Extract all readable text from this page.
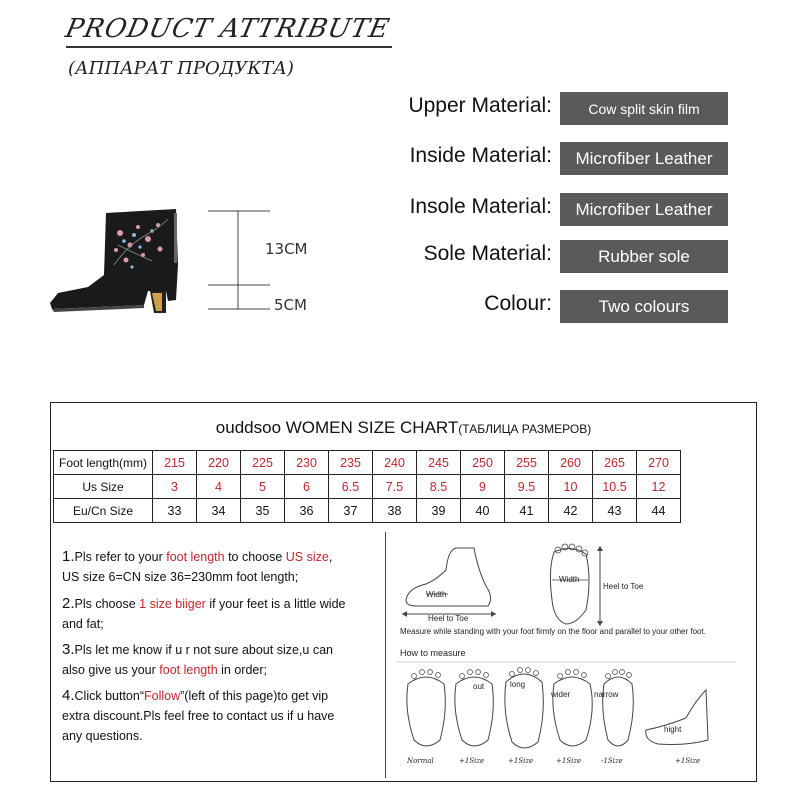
PRODUCT ATTRIBUTE
(АППАРАТ ПРОДУКТА)
Upper Material:	Cow split skin film
Inside Material:	Microfiber Leather
Insole Material:	Microfiber Leather
Sole Material:	Rubber sole
Colour:	Two colours
13CM
5CM
ouddsoo WOMEN SIZE CHART(ТАБЛИЦА РАЗМЕРОВ)
Foot length(mm)	215	220	225	230	235	240	245	250	255	260	265	270
Us Size	3	4	5	6	6.5	7.5	8.5	9	9.5	10	10.5	12
Eu/Cn Size	33	34	35	36	37	38	39	40	41	42	43	44
1.Pls refer to your foot length to choose US size,
US size 6=CN size 36=230mm foot length;
2.Pls choose 1 size biiger if your feet is a little wide
and fat;
3.Pls let me know if u r not sure about size,u can
also give us your foot length in order;
4.Click button“Follow”(left of this page)to get vip
extra discount.Pls feel free to contact us if u have
any questions.
Width
Heel to Toe
Width
Heel to Toe
Measure while standing with your foot firmly on the floor and parallel to your other foot.
How to measure
out	long
wider	narrow
hight
Normal	+1Size	+1Size	+1Size	-1Size	+1Size
